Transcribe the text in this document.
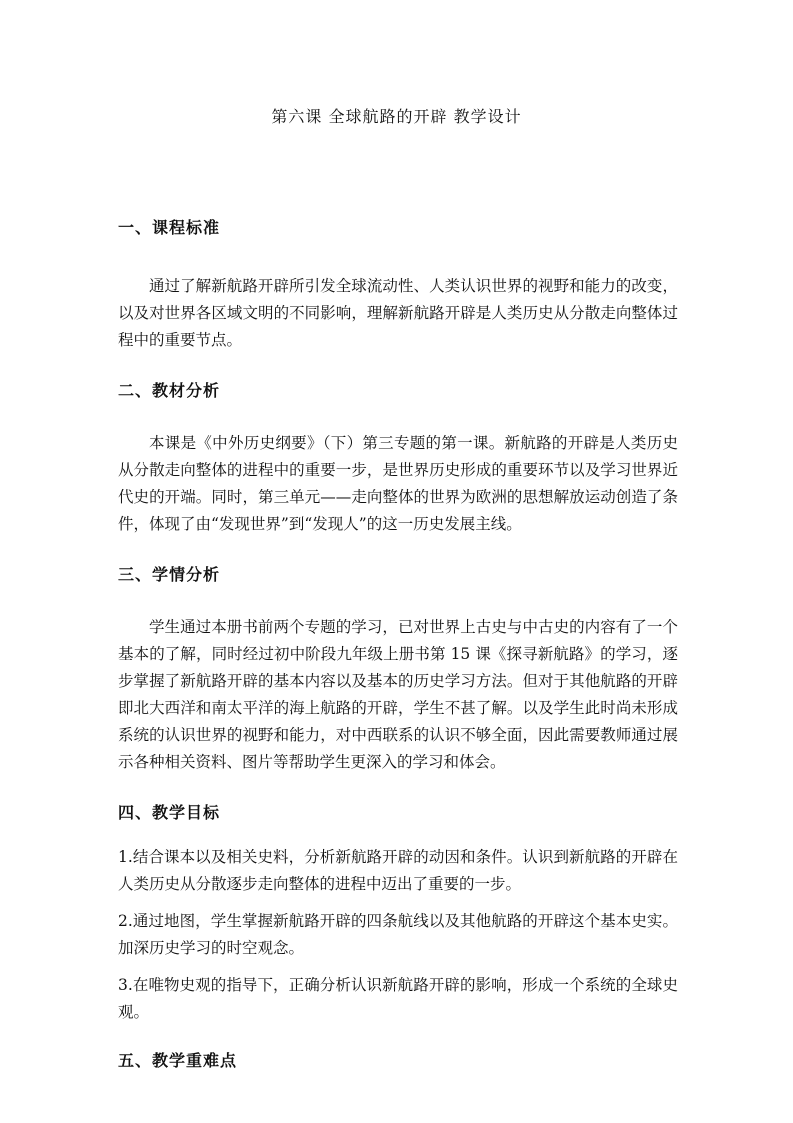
第六课 全球航路的开辟 教学设计
一、课程标准

通过了解新航路开辟所引发全球流动性、人类认识世界的视野和能力的改变，以及对世界各区域文明的不同影响，理解新航路开辟是人类历史从分散走向整体过程中的重要节点。

二、教材分析

本课是《中外历史纲要》（下）第三专题的第一课。新航路的开辟是人类历史从分散走向整体的进程中的重要一步，是世界历史形成的重要环节以及学习世界近代史的开端。同时，第三单元——走向整体的世界为欧洲的思想解放运动创造了条件，体现了由“发现世界”到“发现人”的这一历史发展主线。

三、学情分析

学生通过本册书前两个专题的学习，已对世界上古史与中古史的内容有了一个基本的了解，同时经过初中阶段九年级上册书第 15 课《探寻新航路》的学习，逐步掌握了新航路开辟的基本内容以及基本的历史学习方法。但对于其他航路的开辟即北大西洋和南太平洋的海上航路的开辟，学生不甚了解。以及学生此时尚未形成系统的认识世界的视野和能力，对中西联系的认识不够全面，因此需要教师通过展示各种相关资料、图片等帮助学生更深入的学习和体会。

四、教学目标

1.结合课本以及相关史料，分析新航路开辟的动因和条件。认识到新航路的开辟在人类历史从分散逐步走向整体的进程中迈出了重要的一步。

2.通过地图，学生掌握新航路开辟的四条航线以及其他航路的开辟这个基本史实。加深历史学习的时空观念。

3.在唯物史观的指导下，正确分析认识新航路开辟的影响，形成一个系统的全球史观。

五、教学重难点
